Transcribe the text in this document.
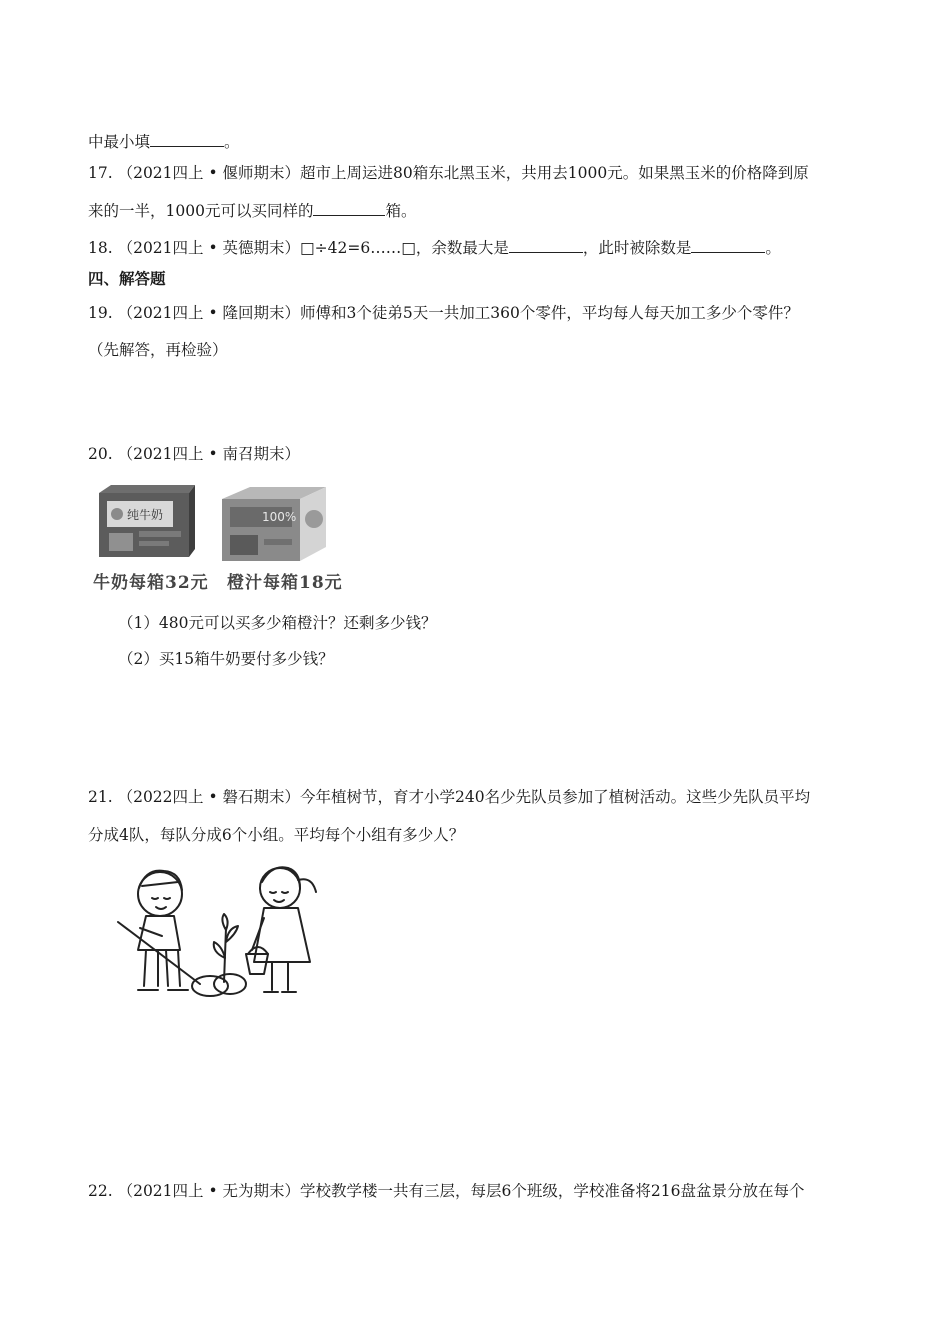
中最小填	。
17. （2021四上 • 偃师期末）超市上周运进80箱东北黑玉米，共用去1000元。如果黑玉米的价格降到原
来的一半，1000元可以买同样的	箱。
18. （2021四上 • 英德期末）□÷42=6……□，余数最大是	，此时被除数是	。
四、解答题
19. （2021四上 • 隆回期末）师傅和3个徒弟5天一共加工360个零件，平均每人每天加工多少个零件？
（先解答，再检验）
20. （2021四上 • 南召期末）
纯牛奶
牛奶每箱32元
100%
橙汁每箱18元
（1）480元可以买多少箱橙汁？还剩多少钱？
（2）买15箱牛奶要付多少钱？
21. （2022四上 • 磐石期末）今年植树节，育才小学240名少先队员参加了植树活动。这些少先队员平均
分成4队，每队分成6个小组。平均每个小组有多少人？
22. （2021四上 • 无为期末）学校教学楼一共有三层，每层6个班级，学校准备将216盘盆景分放在每个
